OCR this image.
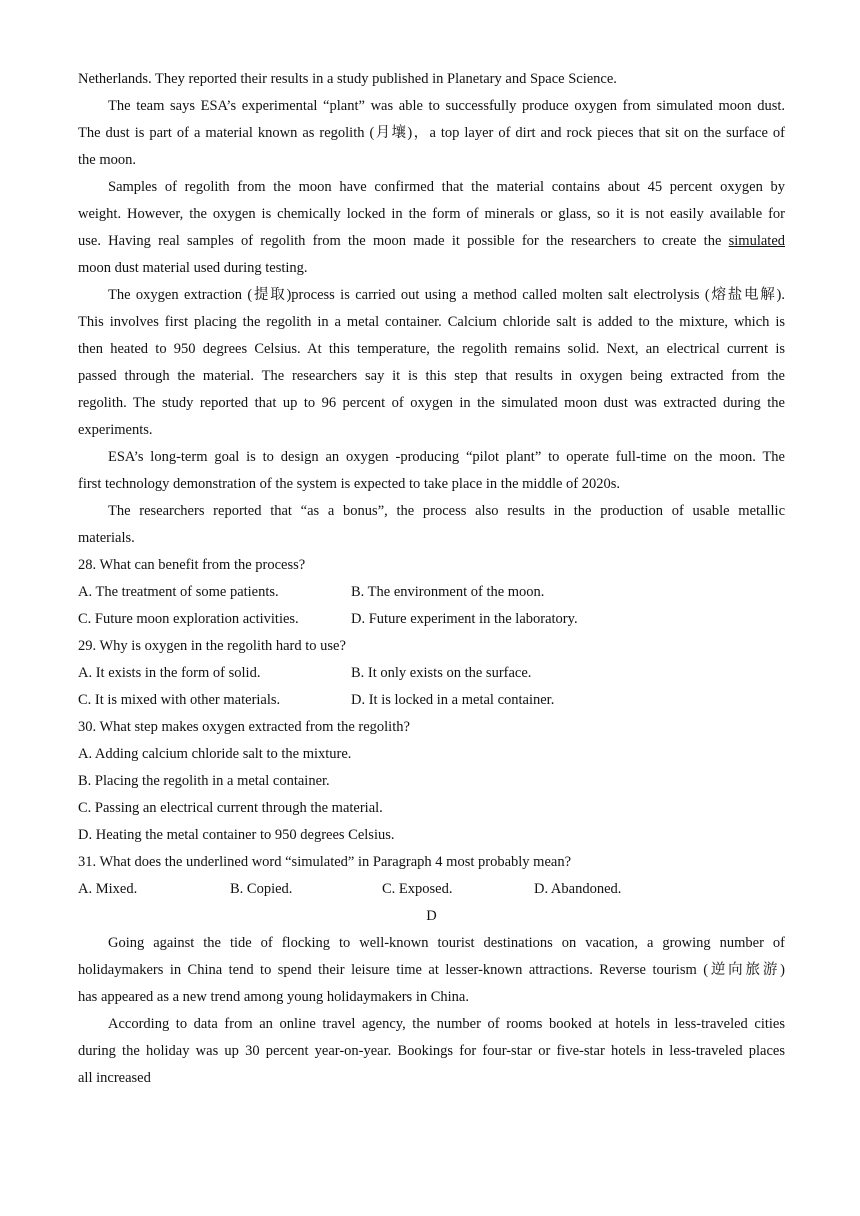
Netherlands. They reported their results in a study published in Planetary and Space Science.
The team says ESA’s experimental “plant” was able to successfully produce oxygen from simulated moon dust.
The dust is part of a material known as regolith (月壤)，a top layer of dirt and rock pieces that sit on the surface of
the moon.
Samples of regolith from the moon have confirmed that the material contains about 45 percent oxygen by
weight. However, the oxygen is chemically locked in the form of minerals or glass, so it is not easily available for
use. Having real samples of regolith from the moon made it possible for the researchers to create the simulated
moon dust material used during testing.
The oxygen extraction (提取)process is carried out using a method called molten salt electrolysis (熔盐电解).
This involves first placing the regolith in a metal container. Calcium chloride salt is added to the mixture, which is
then heated to 950 degrees Celsius. At this temperature, the regolith remains solid. Next, an electrical current is
passed through the material. The researchers say it is this step that results in oxygen being extracted from the
regolith. The study reported that up to 96 percent of oxygen in the simulated moon dust was extracted during the
experiments.
ESA’s long-term goal is to design an oxygen -producing “pilot plant” to operate full-time on the moon. The
first technology demonstration of the system is expected to take place in the middle of 2020s.
The researchers reported that “as a bonus”, the process also results in the production of usable metallic
materials.
28. What can benefit from the process?
A. The treatment of some patients.	B. The environment of the moon.
C. Future moon exploration activities.	D. Future experiment in the laboratory.
29. Why is oxygen in the regolith hard to use?
A. It exists in the form of solid.	B. It only exists on the surface.
C. It is mixed with other materials.	D. It is locked in a metal container.
30. What step makes oxygen extracted from the regolith?
A. Adding calcium chloride salt to the mixture.
B. Placing the regolith in a metal container.
C. Passing an electrical current through the material.
D. Heating the metal container to 950 degrees Celsius.
31. What does the underlined word “simulated” in Paragraph 4 most probably mean?
A. Mixed.	B. Copied.	C. Exposed.	D. Abandoned.
D
Going against the tide of flocking to well-known tourist destinations on vacation, a growing number of
holidaymakers in China tend to spend their leisure time at lesser-known attractions. Reverse tourism (逆向旅游)
has appeared as a new trend among young holidaymakers in China.
According to data from an online travel agency, the number of rooms booked at hotels in less-traveled cities
during the holiday was up 30 percent year-on-year. Bookings for four-star or five-star hotels in less-traveled places
all increased
